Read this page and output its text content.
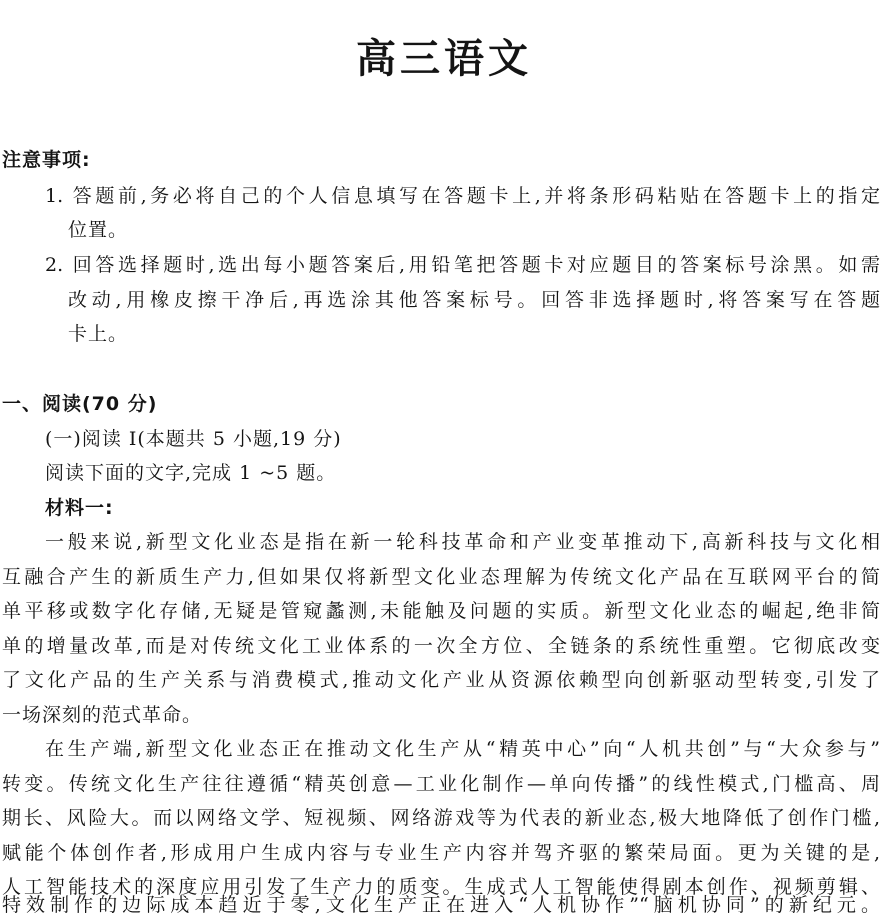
高三语文
注意事项:
1. 答题前,务必将自己的个人信息填写在答题卡上,并将条形码粘贴在答题卡上的指定
位置。
2. 回答选择题时,选出每小题答案后,用铅笔把答题卡对应题目的答案标号涂黑。如需
改动,用橡皮擦干净后,再选涂其他答案标号。回答非选择题时,将答案写在答题
卡上。
一、阅读(70 分)
(一)阅读 I(本题共 5 小题,19 分)
阅读下面的文字,完成 1 ~5 题。
材料一:
一般来说,新型文化业态是指在新一轮科技革命和产业变革推动下,高新科技与文化相
互融合产生的新质生产力,但如果仅将新型文化业态理解为传统文化产品在互联网平台的简
单平移或数字化存储,无疑是管窥蠡测,未能触及问题的实质。新型文化业态的崛起,绝非简
单的增量改革,而是对传统文化工业体系的一次全方位、全链条的系统性重塑。它彻底改变
了文化产品的生产关系与消费模式,推动文化产业从资源依赖型向创新驱动型转变,引发了
一场深刻的范式革命。
在生产端,新型文化业态正在推动文化生产从“精英中心”向“人机共创”与“大众参与”
转变。传统文化生产往往遵循“精英创意—工业化制作—单向传播”的线性模式,门槛高、周
期长、风险大。而以网络文学、短视频、网络游戏等为代表的新业态,极大地降低了创作门槛,
赋能个体创作者,形成用户生成内容与专业生产内容并驾齐驱的繁荣局面。更为关键的是,
人工智能技术的深度应用引发了生产力的质变。生成式人工智能使得剧本创作、视频剪辑、
特效制作的边际成本趋近于零,文化生产正在进入“人机协作”“脑机协同”的新纪元。
